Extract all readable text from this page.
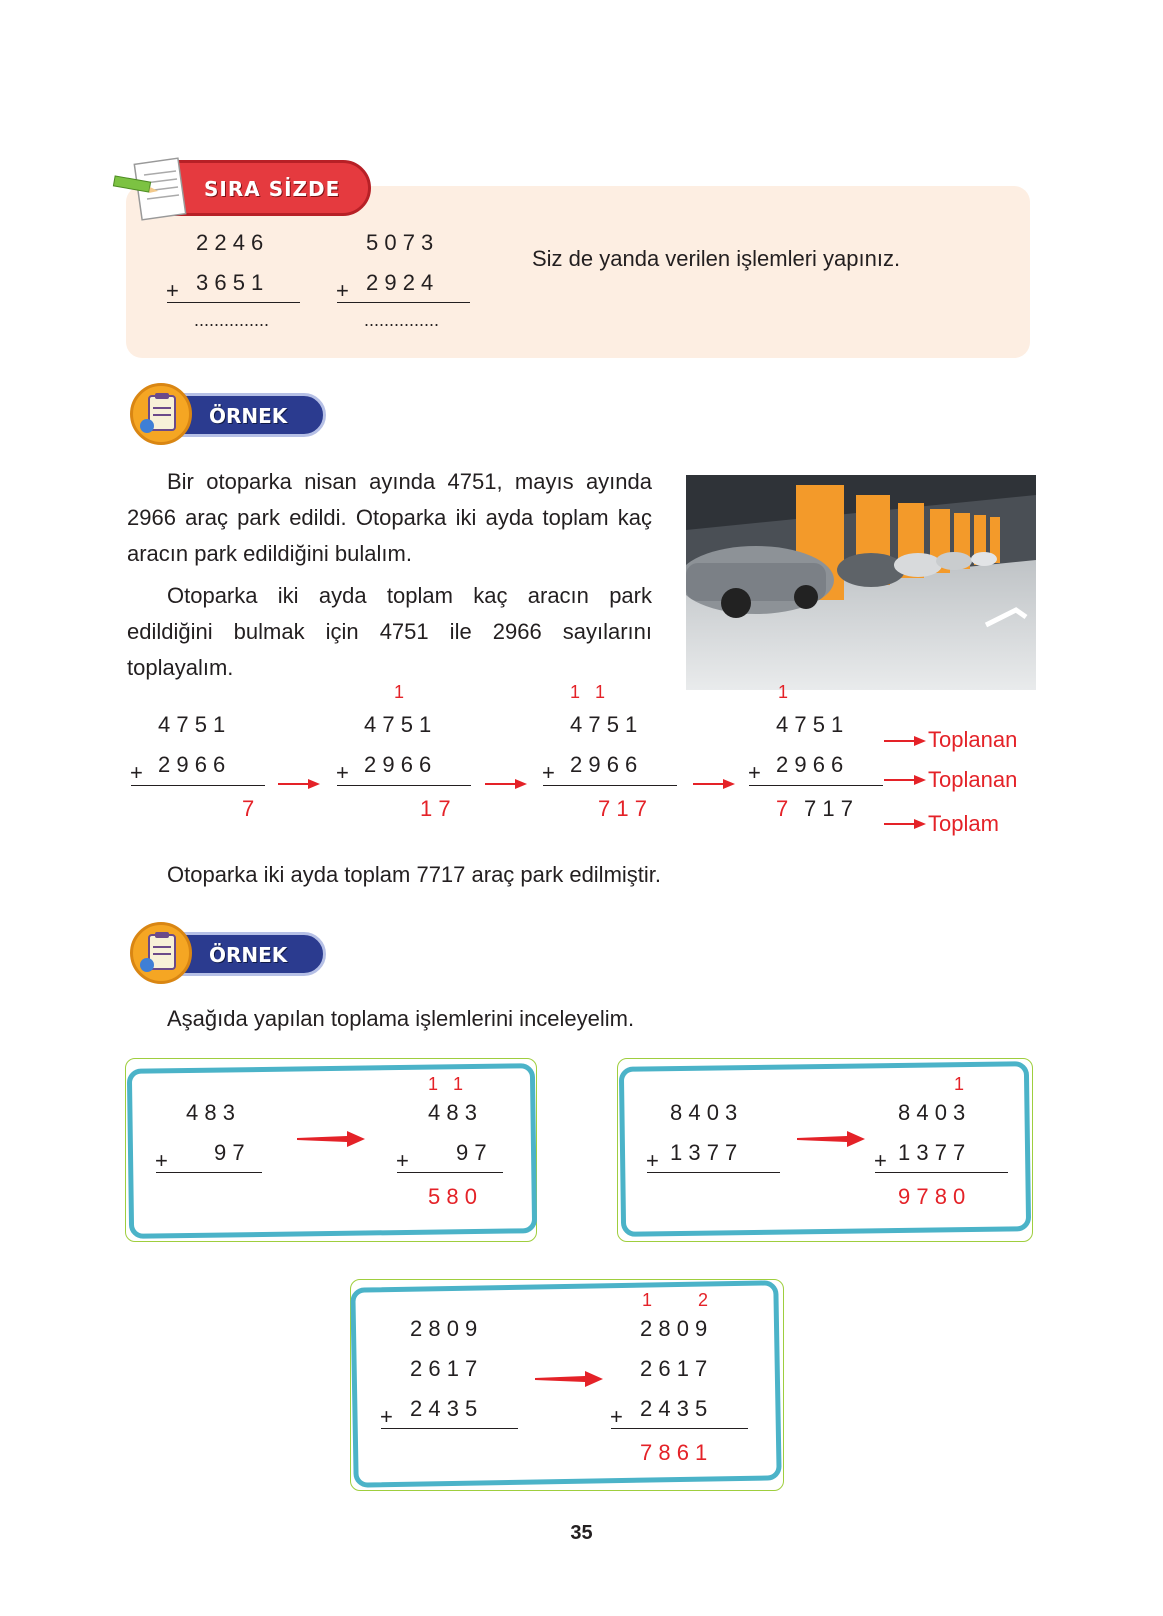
SIRA SİZDE
2 2 4 6
+ 3 6 5 1
...............
5 0 7 3
+ 2 9 2 4
...............
Siz de yanda verilen işlemleri yapınız.
ÖRNEK
Bir otoparka nisan ayında 4751, mayıs ayında 2966 araç park edildi. Otoparka iki ayda toplam kaç aracın park edildiğini bulalım.
Otoparka iki ayda toplam kaç aracın park edildiğini bulmak için 4751 ile 2966 sayılarını toplayalım.
4 7 5 1
+ 2 9 6 6
7
1
4 7 5 1
+ 2 9 6 6
1 7
1   1
4 7 5 1
+ 2 9 6 6
7 1 7
1
4 7 5 1
+ 2 9 6 6
7 7 1 7
Toplanan
Toplanan
Toplam
Otoparka iki ayda toplam 7717 araç park edilmiştir.
ÖRNEK
Aşağıda yapılan toplama işlemlerini inceleyelim.
4 8 3
+ 9 7
1   1
4 8 3
+ 9 7
5 8 0
8 4 0 3
+ 1 3 7 7
1
8 4 0 3
+ 1 3 7 7
9 7 8 0
2 8 0 9
2 6 1 7
+ 2 4 3 5
1	2
2 8 0 9
2 6 1 7
+ 2 4 3 5
7 8 6 1
35
